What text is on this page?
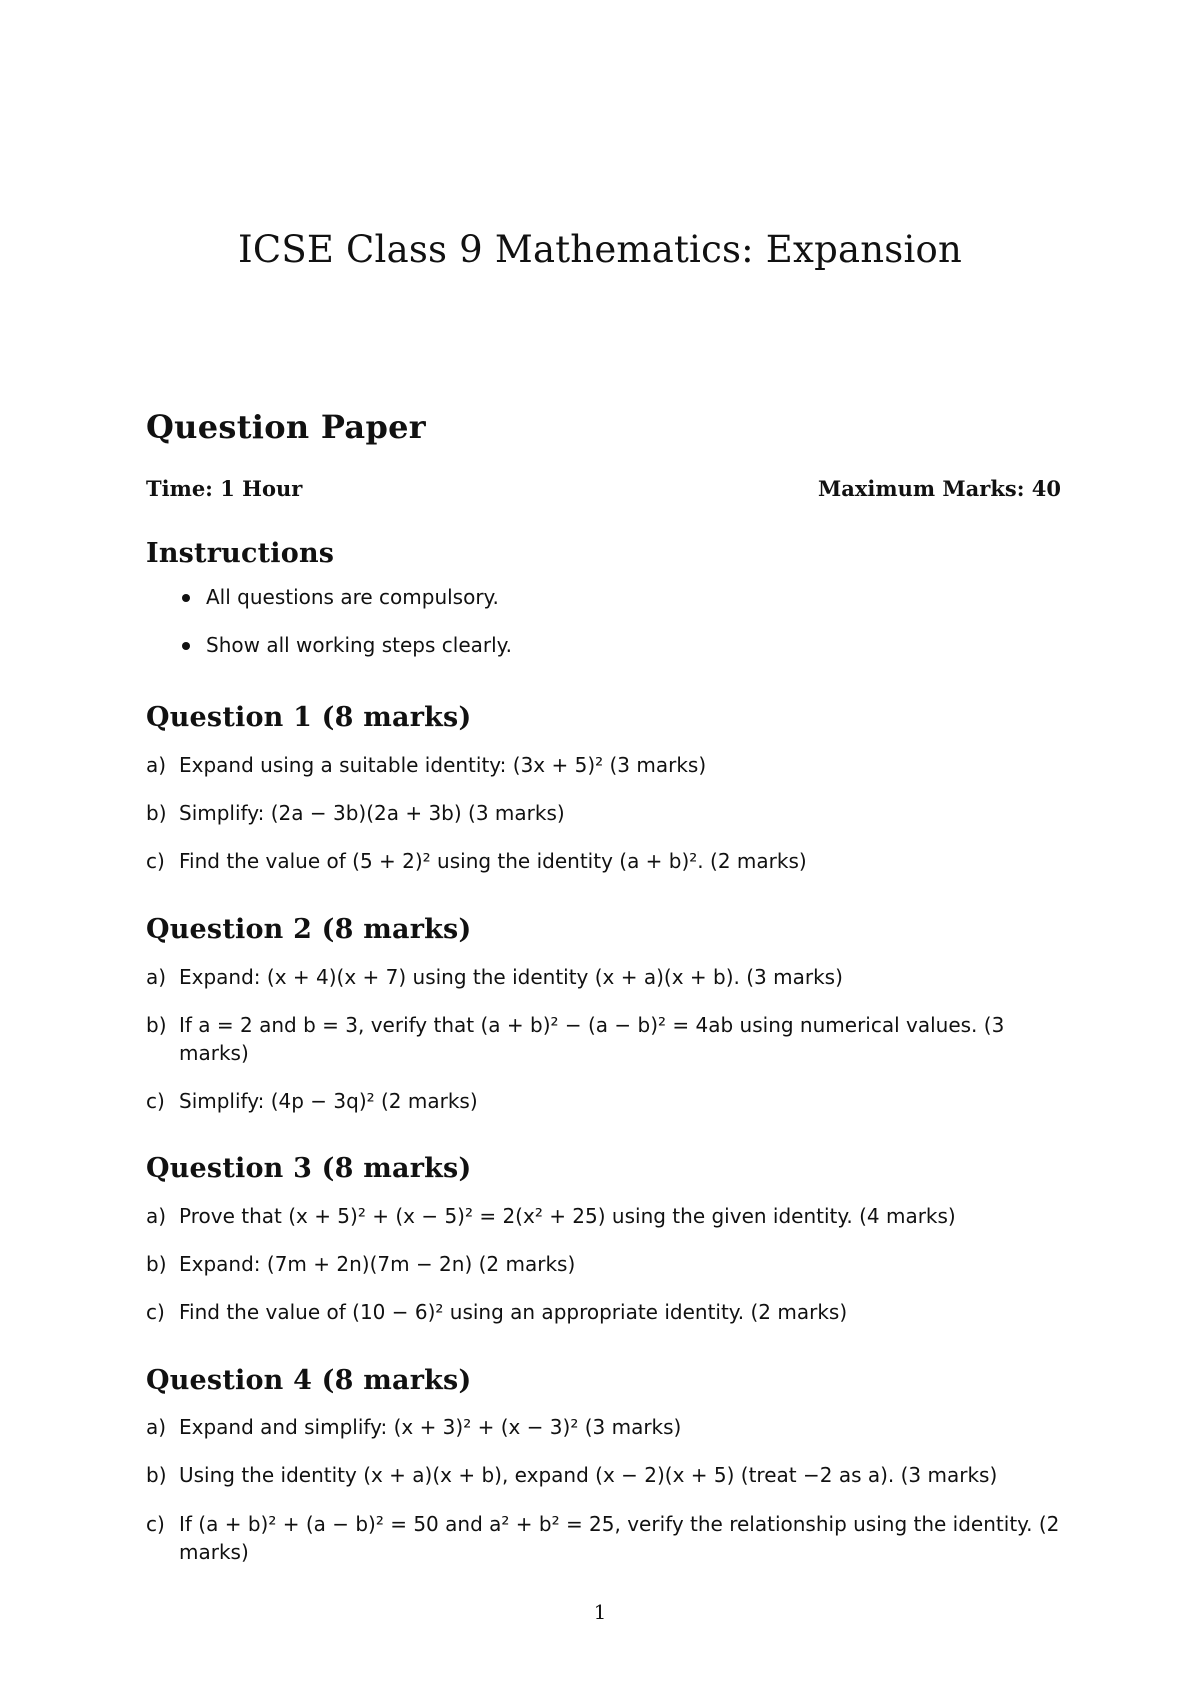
ICSE Class 9 Mathematics: Expansion
Question Paper
Time: 1 Hour	Maximum Marks: 40
Instructions
All questions are compulsory.
Show all working steps clearly.
Question 1 (8 marks)
a) Expand using a suitable identity: (3x + 5)² (3 marks)
b) Simplify: (2a − 3b)(2a + 3b) (3 marks)
c) Find the value of (5 + 2)² using the identity (a + b)². (2 marks)
Question 2 (8 marks)
a) Expand: (x + 4)(x + 7) using the identity (x + a)(x + b). (3 marks)
b) If a = 2 and b = 3, verify that (a + b)² − (a − b)² = 4ab using numerical values. (3 marks)
c) Simplify: (4p − 3q)² (2 marks)
Question 3 (8 marks)
a) Prove that (x + 5)² + (x − 5)² = 2(x² + 25) using the given identity. (4 marks)
b) Expand: (7m + 2n)(7m − 2n) (2 marks)
c) Find the value of (10 − 6)² using an appropriate identity. (2 marks)
Question 4 (8 marks)
a) Expand and simplify: (x + 3)² + (x − 3)² (3 marks)
b) Using the identity (x + a)(x + b), expand (x − 2)(x + 5) (treat −2 as a). (3 marks)
c) If (a + b)² + (a − b)² = 50 and a² + b² = 25, verify the relationship using the identity. (2 marks)
1
